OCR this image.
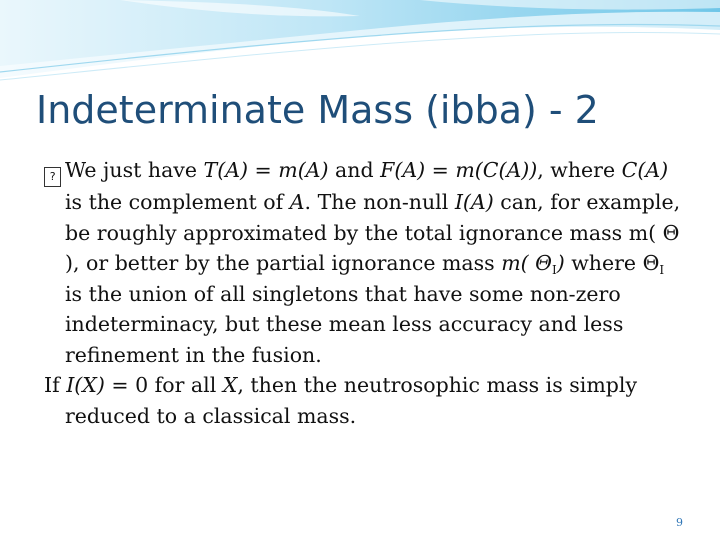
Indeterminate Mass (ibba) - 2

? We just have T(A) = m(A) and F(A) = m(C(A)), where C(A) is the complement of A. The non-null I(A) can, for example, be roughly approximated by the total ignorance mass m( Θ ), or better by the partial ignorance mass m( $\Theta_I$) where $\Theta_I$ is the union of all singletons that have some non-zero indeterminacy, but these mean less accuracy and less refinement in the fusion.

If I(X) = 0 for all X, then the neutrosophic mass is simply reduced to a classical mass.

9
